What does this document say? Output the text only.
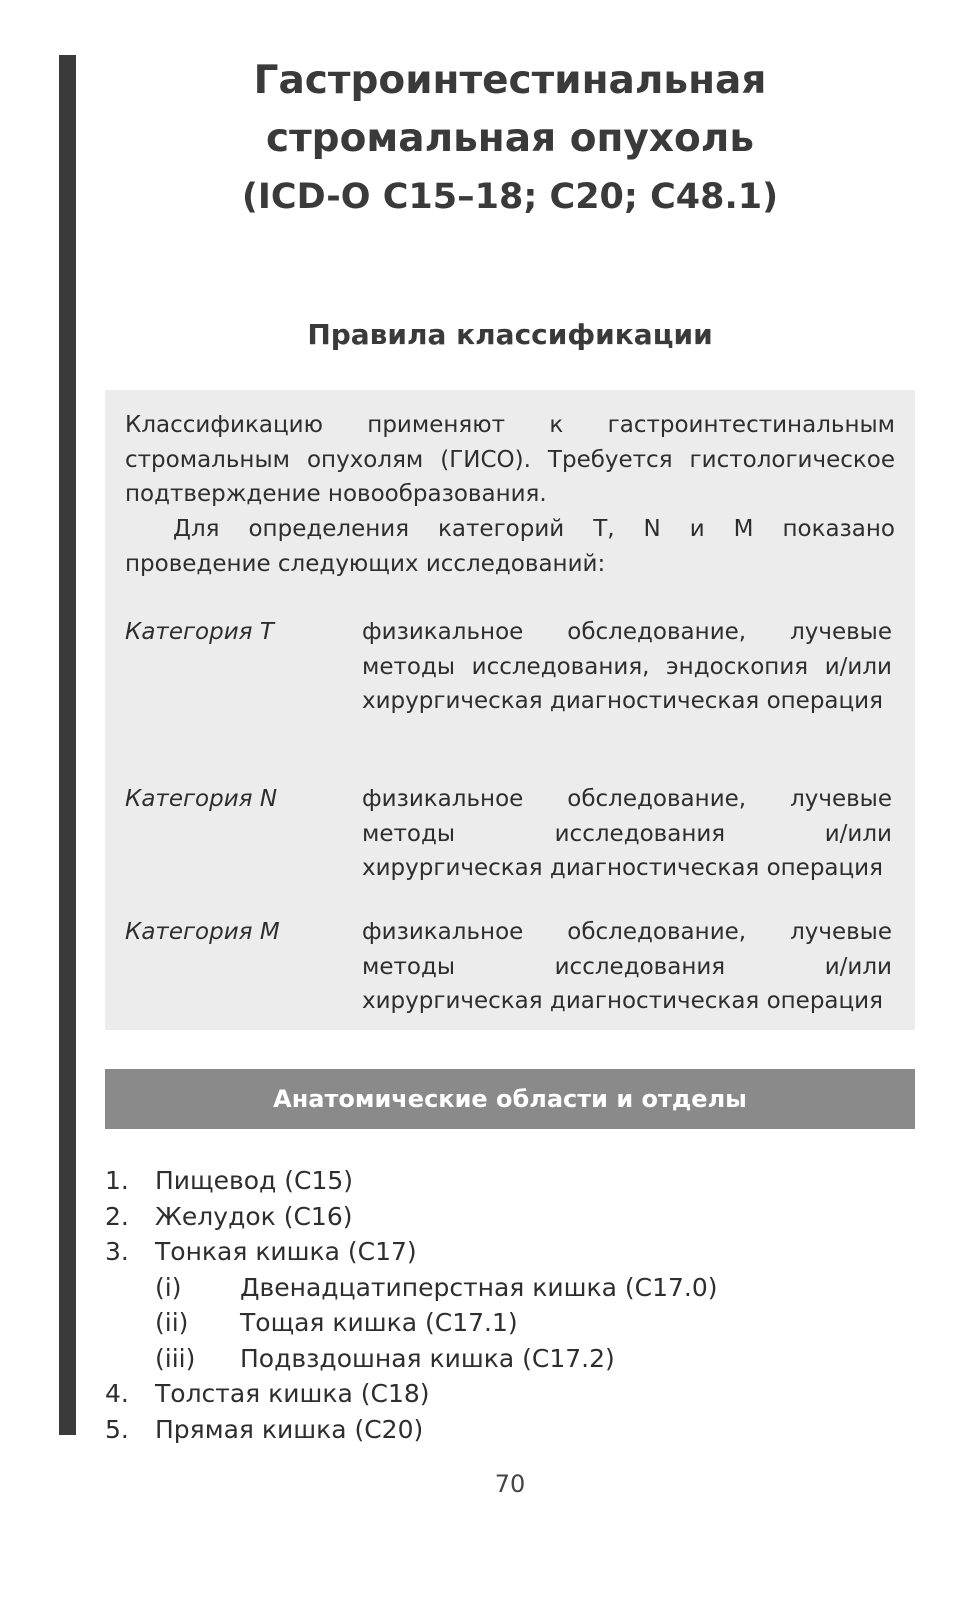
Гастроинтестинальная
стромальная опухоль
(ICD-O C15–18; C20; C48.1)
Правила классификации
Классификацию применяют к гастроинтестинальным стромальным опухолям (ГИСО). Требуется гистологическое подтверждение новообразования.
Для определения категорий T, N и M показано проведение следующих исследований:
Категория T	физикальное обследование, лучевые методы исследования, эндоскопия и/или хирургическая диагностическая операция
Категория N	физикальное обследование, лучевые методы исследования и/или хирургическая диагностическая операция
Категория M	физикальное обследование, лучевые методы исследования и/или хирургическая диагностическая операция
Анатомические области и отделы
1. Пищевод (C15)
2. Желудок (C16)
3. Тонкая кишка (C17)
(i) Двенадцатиперстная кишка (C17.0)
(ii) Тощая кишка (C17.1)
(iii) Подвздошная кишка (C17.2)
4. Толстая кишка (C18)
5. Прямая кишка (C20)
70
